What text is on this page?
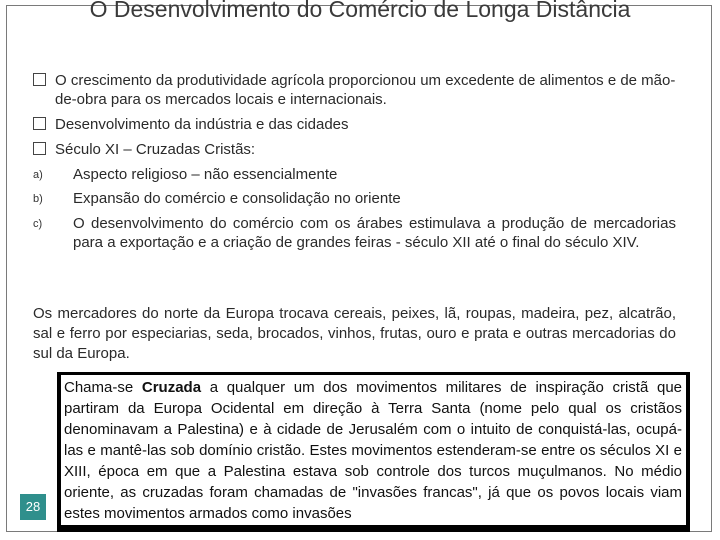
O Desenvolvimento do Comércio de Longa Distância
O crescimento da produtividade agrícola proporcionou um excedente de alimentos e de mão-de-obra para os mercados locais e internacionais.
Desenvolvimento da indústria e das cidades
Século XI – Cruzadas Cristãs:
a)	Aspecto religioso – não essencialmente
b)	Expansão do comércio e consolidação no oriente
c)	O desenvolvimento do comércio com os árabes estimulava a produção de mercadorias para a exportação e a criação de grandes feiras - século XII até o final do século XIV.
Os mercadores do norte da Europa trocava cereais, peixes, lã, roupas, madeira, pez, alcatrão, sal e ferro por especiarias, seda, brocados, vinhos, frutas, ouro e prata e outras mercadorias do sul da Europa.
28
Chama-se Cruzada a qualquer um dos movimentos militares de inspiração cristã que partiram da Europa Ocidental em direção à Terra Santa (nome pelo qual os cristãos denominavam a Palestina) e à cidade de Jerusalém com o intuito de conquistá-las, ocupá-las e mantê-las sob domínio cristão. Estes movimentos estenderam-se entre os séculos XI e XIII, época em que a Palestina estava sob controle dos turcos muçulmanos. No médio oriente, as cruzadas foram chamadas de "invasões francas", já que os povos locais viam estes movimentos armados como invasões
